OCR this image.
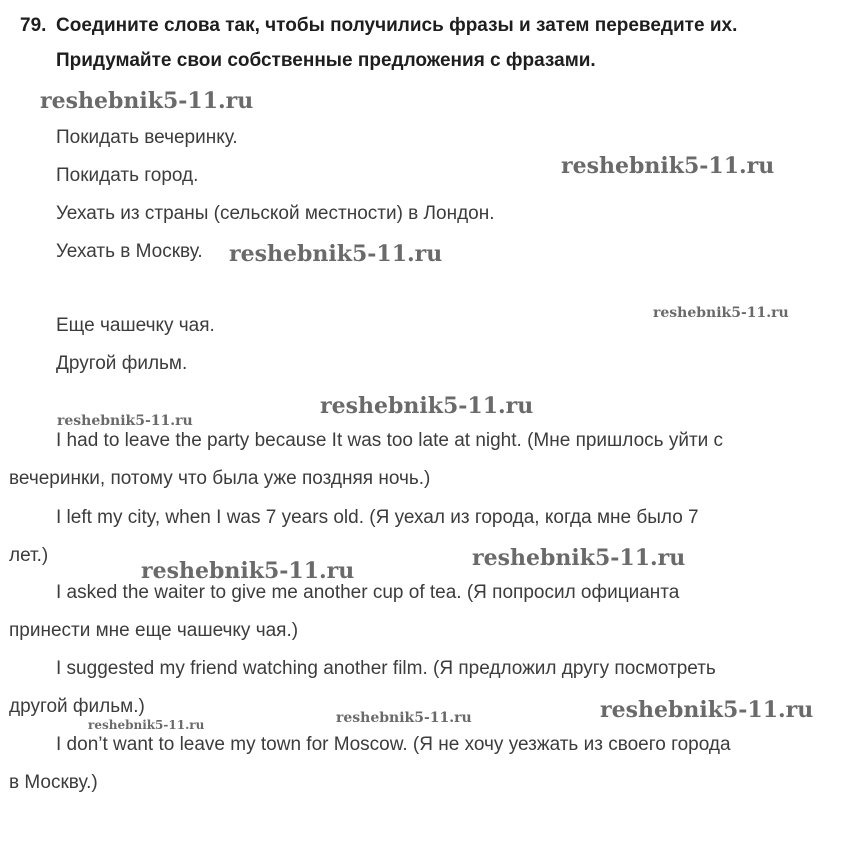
79. Соедините слова так, чтобы получились фразы и затем переведите их.
Придумайте свои собственные предложения с фразами.
Покидать вечеринку.
Покидать город.
Уехать из страны (сельской местности) в Лондон.
Уехать в Москву.
Еще чашечку чая.
Другой фильм.
I had to leave the party because It was too late at night. (Мне пришлось уйти с
вечеринки, потому что была уже поздняя ночь.)
I left my city, when I was 7 years old. (Я уехал из города, когда мне было 7
лет.)
I asked the waiter to give me another cup of tea. (Я попросил официанта
принести мне еще чашечку чая.)
I suggested my friend watching another film. (Я предложил другу посмотреть
другой фильм.)
I don’t want to leave my town for Moscow. (Я не хочу уезжать из своего города
в Москву.)
reshebnik5-11.ru
reshebnik5-11.ru
reshebnik5-11.ru
reshebnik5-11.ru
reshebnik5-11.ru
reshebnik5-11.ru
reshebnik5-11.ru
reshebnik5-11.ru
reshebnik5-11.ru
reshebnik5-11.ru
reshebnik5-11.ru
